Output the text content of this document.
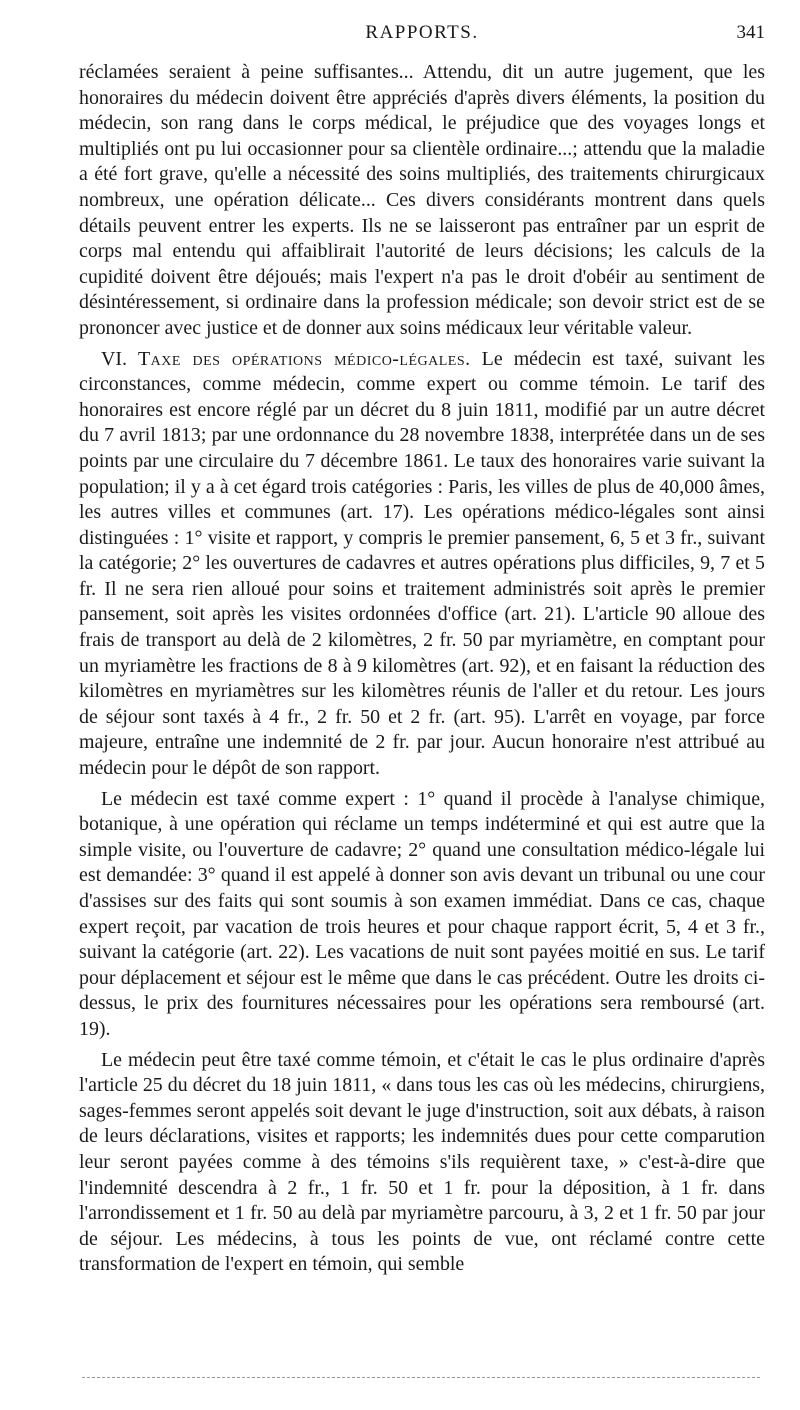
RAPPORTS.	341

réclamées seraient à peine suffisantes... Attendu, dit un autre jugement, que les honoraires du médecin doivent être appréciés d'après divers éléments, la position du médecin, son rang dans le corps médical, le préjudice que des voyages longs et multipliés ont pu lui occasionner pour sa clientèle ordinaire...; attendu que la maladie a été fort grave, qu'elle a nécessité des soins multipliés, des traitements chirurgicaux nombreux, une opération délicate... Ces divers considérants montrent dans quels détails peuvent entrer les experts. Ils ne se laisseront pas entraîner par un esprit de corps mal entendu qui affaiblirait l'autorité de leurs décisions; les calculs de la cupidité doivent être déjoués; mais l'expert n'a pas le droit d'obéir au sentiment de désintéressement, si ordinaire dans la profession médicale; son devoir strict est de se prononcer avec justice et de donner aux soins médicaux leur véritable valeur.

VI. Taxe des opérations médico-légales. Le médecin est taxé, suivant les circonstances, comme médecin, comme expert ou comme témoin. Le tarif des honoraires est encore réglé par un décret du 8 juin 1811, modifié par un autre décret du 7 avril 1813; par une ordonnance du 28 novembre 1838, interprétée dans un de ses points par une circulaire du 7 décembre 1861. Le taux des honoraires varie suivant la population; il y a à cet égard trois catégories : Paris, les villes de plus de 40,000 âmes, les autres villes et communes (art. 17). Les opérations médico-légales sont ainsi distinguées : 1° visite et rapport, y compris le premier pansement, 6, 5 et 3 fr., suivant la catégorie; 2° les ouvertures de cadavres et autres opérations plus difficiles, 9, 7 et 5 fr. Il ne sera rien alloué pour soins et traitement administrés soit après le premier pansement, soit après les visites ordonnées d'office (art. 21). L'article 90 alloue des frais de transport au delà de 2 kilomètres, 2 fr. 50 par myriamètre, en comptant pour un myriamètre les fractions de 8 à 9 kilomètres (art. 92), et en faisant la réduction des kilomètres en myriamètres sur les kilomètres réunis de l'aller et du retour. Les jours de séjour sont taxés à 4 fr., 2 fr. 50 et 2 fr. (art. 95). L'arrêt en voyage, par force majeure, entraîne une indemnité de 2 fr. par jour. Aucun honoraire n'est attribué au médecin pour le dépôt de son rapport.

Le médecin est taxé comme expert : 1° quand il procède à l'analyse chimique, botanique, à une opération qui réclame un temps indéterminé et qui est autre que la simple visite, ou l'ouverture de cadavre; 2° quand une consultation médico-légale lui est demandée: 3° quand il est appelé à donner son avis devant un tribunal ou une cour d'assises sur des faits qui sont soumis à son examen immédiat. Dans ce cas, chaque expert reçoit, par vacation de trois heures et pour chaque rapport écrit, 5, 4 et 3 fr., suivant la catégorie (art. 22). Les vacations de nuit sont payées moitié en sus. Le tarif pour déplacement et séjour est le même que dans le cas précédent. Outre les droits ci-dessus, le prix des fournitures nécessaires pour les opérations sera remboursé (art. 19).

Le médecin peut être taxé comme témoin, et c'était le cas le plus ordinaire d'après l'article 25 du décret du 18 juin 1811, « dans tous les cas où les médecins, chirurgiens, sages-femmes seront appelés soit devant le juge d'instruction, soit aux débats, à raison de leurs déclarations, visites et rapports; les indemnités dues pour cette comparution leur seront payées comme à des témoins s'ils requièrent taxe, » c'est-à-dire que l'indemnité descendra à 2 fr., 1 fr. 50 et 1 fr. pour la déposition, à 1 fr. dans l'arrondissement et 1 fr. 50 au delà par myriamètre parcouru, à 3, 2 et 1 fr. 50 par jour de séjour. Les médecins, à tous les points de vue, ont réclamé contre cette transformation de l'expert en témoin, qui semble
